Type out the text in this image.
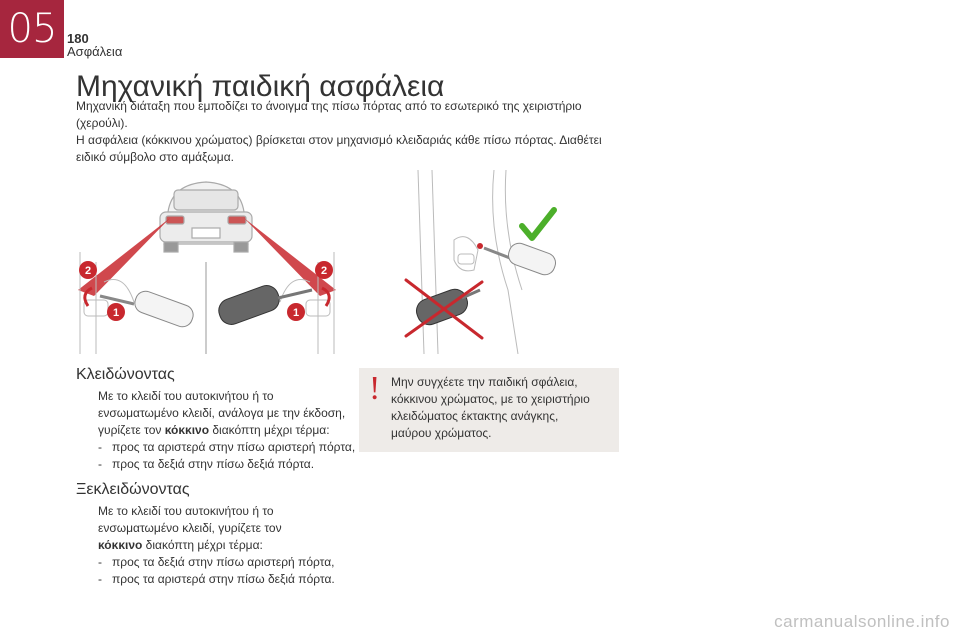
05 180
Ασφάλεια
Μηχανική παιδική ασφάλεια

Μηχανική διάταξη που εμποδίζει το άνοιγμα της πίσω πόρτας από το εσωτερικό της χειριστήριο (χερούλι).

Η ασφάλεια (κόκκινου χρώματος) βρίσκεται στον μηχανισμό κλειδαριάς κάθε πίσω πόρτας. Διαθέτει

ειδικό σύμβολο στο αμάξωμα.

2
1
2
1
Κλειδώνοντας
Με το κλειδί του αυτοκινήτου ή το
ενσωματωμένο κλειδί, ανάλογα με την έκδοση,
γυρίζετε τον κόκκινο διακόπτη μέχρι τέρμα:
- προς τα αριστερά στην πίσω αριστερή πόρτα,
- προς τα δεξιά στην πίσω δεξιά πόρτα.
Ξεκλειδώνοντας
Με το κλειδί του αυτοκινήτου ή το
ενσωματωμένο κλειδί, γυρίζετε τον
κόκκινο διακόπτη μέχρι τέρμα:
- προς τα δεξιά στην πίσω αριστερή πόρτα,
- προς τα αριστερά στην πίσω δεξιά πόρτα.
! Μην συγχέετε την παιδική σφάλεια,
κόκκινου χρώματος, με το χειριστήριο
κλειδώματος έκτακτης ανάγκης,
μαύρου χρώματος.
carmanualsonline.info
